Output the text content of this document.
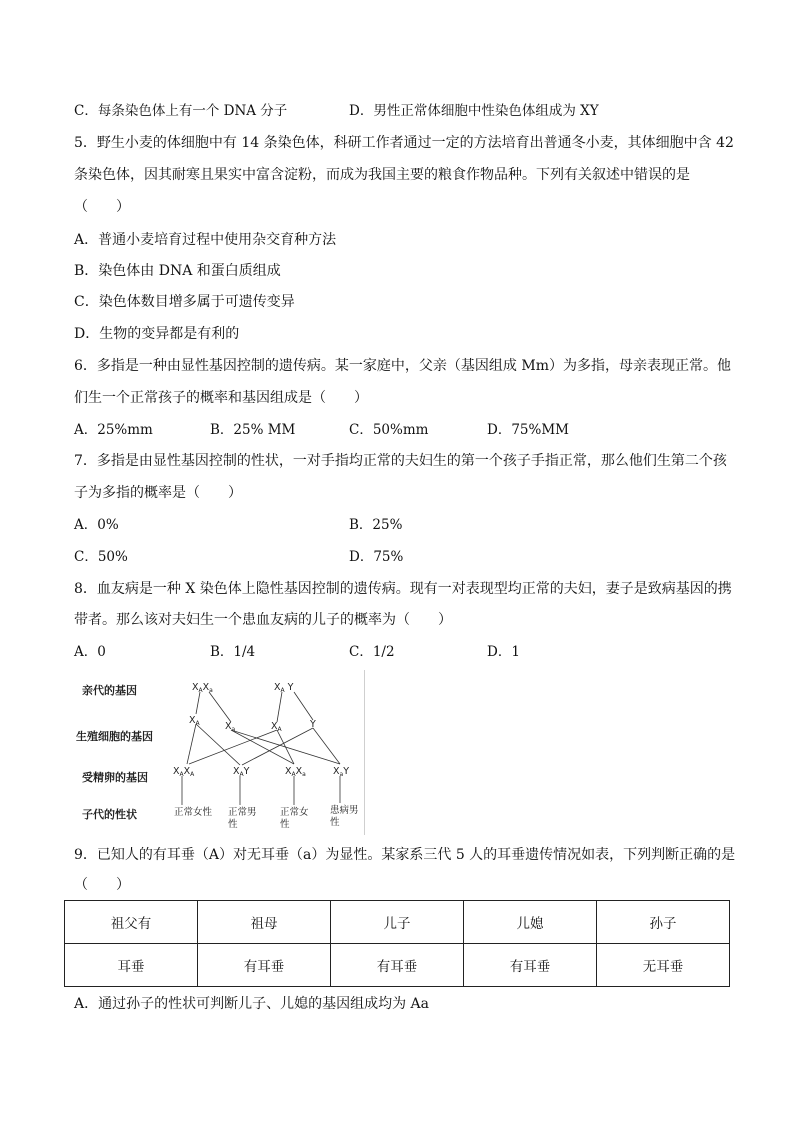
C．每条染色体上有一个 DNA 分子	D．男性正常体细胞中性染色体组成为 XY
5．野生小麦的体细胞中有 14 条染色体，科研工作者通过一定的方法培育出普通冬小麦，其体细胞中含 42
条染色体，因其耐寒且果实中富含淀粉，而成为我国主要的粮食作物品种。下列有关叙述中错误的是
（　　）
A．普通小麦培育过程中使用杂交育种方法
B．染色体由 DNA 和蛋白质组成
C．染色体数目增多属于可遗传变异
D．生物的变异都是有利的
6．多指是一种由显性基因控制的遗传病。某一家庭中，父亲（基因组成 Mm）为多指，母亲表现正常。他
们生一个正常孩子的概率和基因组成是（　　）
A．25%mm	B．25% MM	C．50%mm	D．75%MM
7．多指是由显性基因控制的性状，一对手指均正常的夫妇生的第一个孩子手指正常，那么他们生第二个孩
子为多指的概率是（　　）
A．0%	B．25%
C．50%	D．75%
8．血友病是一种 X 染色体上隐性基因控制的遗传病。现有一对表现型均正常的夫妇，妻子是致病基因的携
带者。那么该对夫妇生一个患血友病的儿子的概率为（　　）
A．0	B．1/4	C．1/2	D．1
亲代的基因
生殖细胞的基因
受精卵的基因
子代的性状
$X_AX_a$	$X_A$ Y
$X_A$	$X_a$	$X_A$	Y
$X_AX_A$	$X_AY$	$X_AX_a$	$X_aY$
正常女性 正常男
性
正常女
性
患病男
性
9．已知人的有耳垂（A）对无耳垂（a）为显性。某家系三代 5 人的耳垂遗传情况如表，下列判断正确的是
（　　）
祖父有	祖母	儿子	儿媳	孙子
耳垂	有耳垂	有耳垂	有耳垂	无耳垂
A．通过孙子的性状可判断儿子、儿媳的基因组成均为 Aa
